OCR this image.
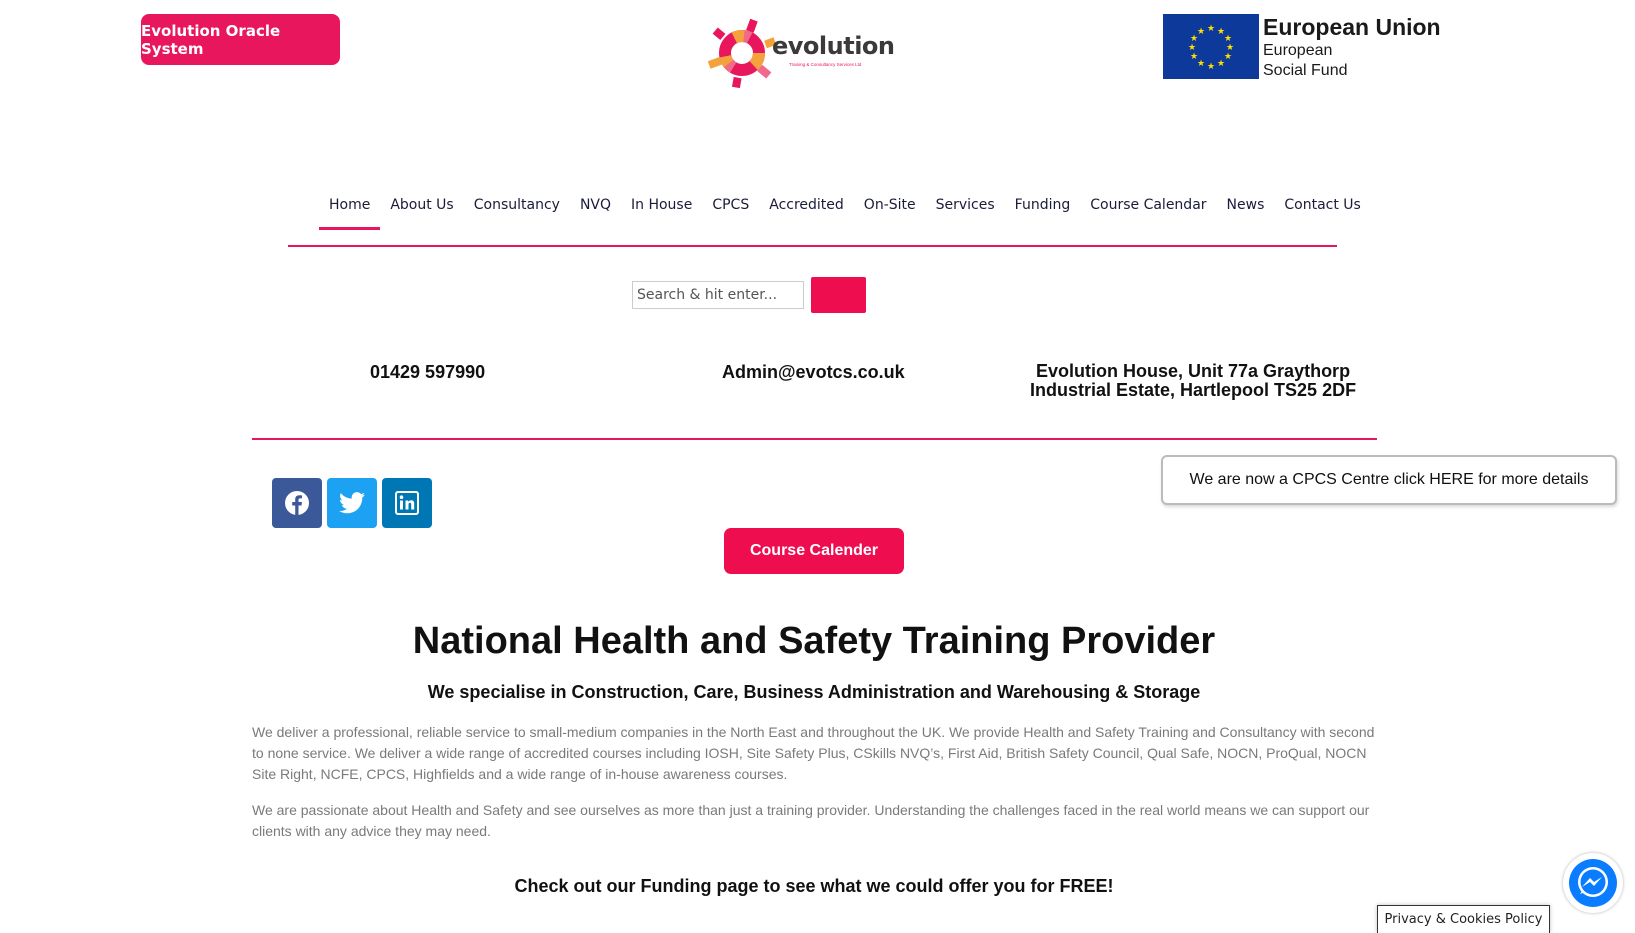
Evolution Oracle System	evolution
Training & Consultancy Services Ltd
★ ★
★
★
★
★
★
★
★
★
★
★	European Union
European
Social Fund
Home	About Us	Consultancy	NVQ	In House	CPCS	Accredited	On-Site	Services	Funding	Course Calendar	News	Contact Us
Search & hit enter...
01429 597990	Admin@evotcs.co.uk	Evolution House, Unit 77a Graythorp
Industrial Estate, Hartlepool TS25 2DF
We are now a CPCS Centre click HERE for more details
Course Calender
National Health and Safety Training Provider
We specialise in Construction, Care, Business Administration and Warehousing & Storage

We deliver a professional, reliable service to small-medium companies in the North East and throughout the UK. We provide Health and Safety Training and Consultancy with second to none service. We deliver a wide range of accredited courses including IOSH, Site Safety Plus, CSkills NVQ’s, First Aid, British Safety Council, Qual Safe, NOCN, ProQual, NOCN Site Right, NCFE, CPCS, Highfields and a wide range of in-house awareness courses.

We are passionate about Health and Safety and see ourselves as more than just a training provider. Understanding the challenges faced in the real world means we can support our clients with any advice they may need.

Check out our Funding page to see what we could offer you for FREE!
Privacy & Cookies Policy
